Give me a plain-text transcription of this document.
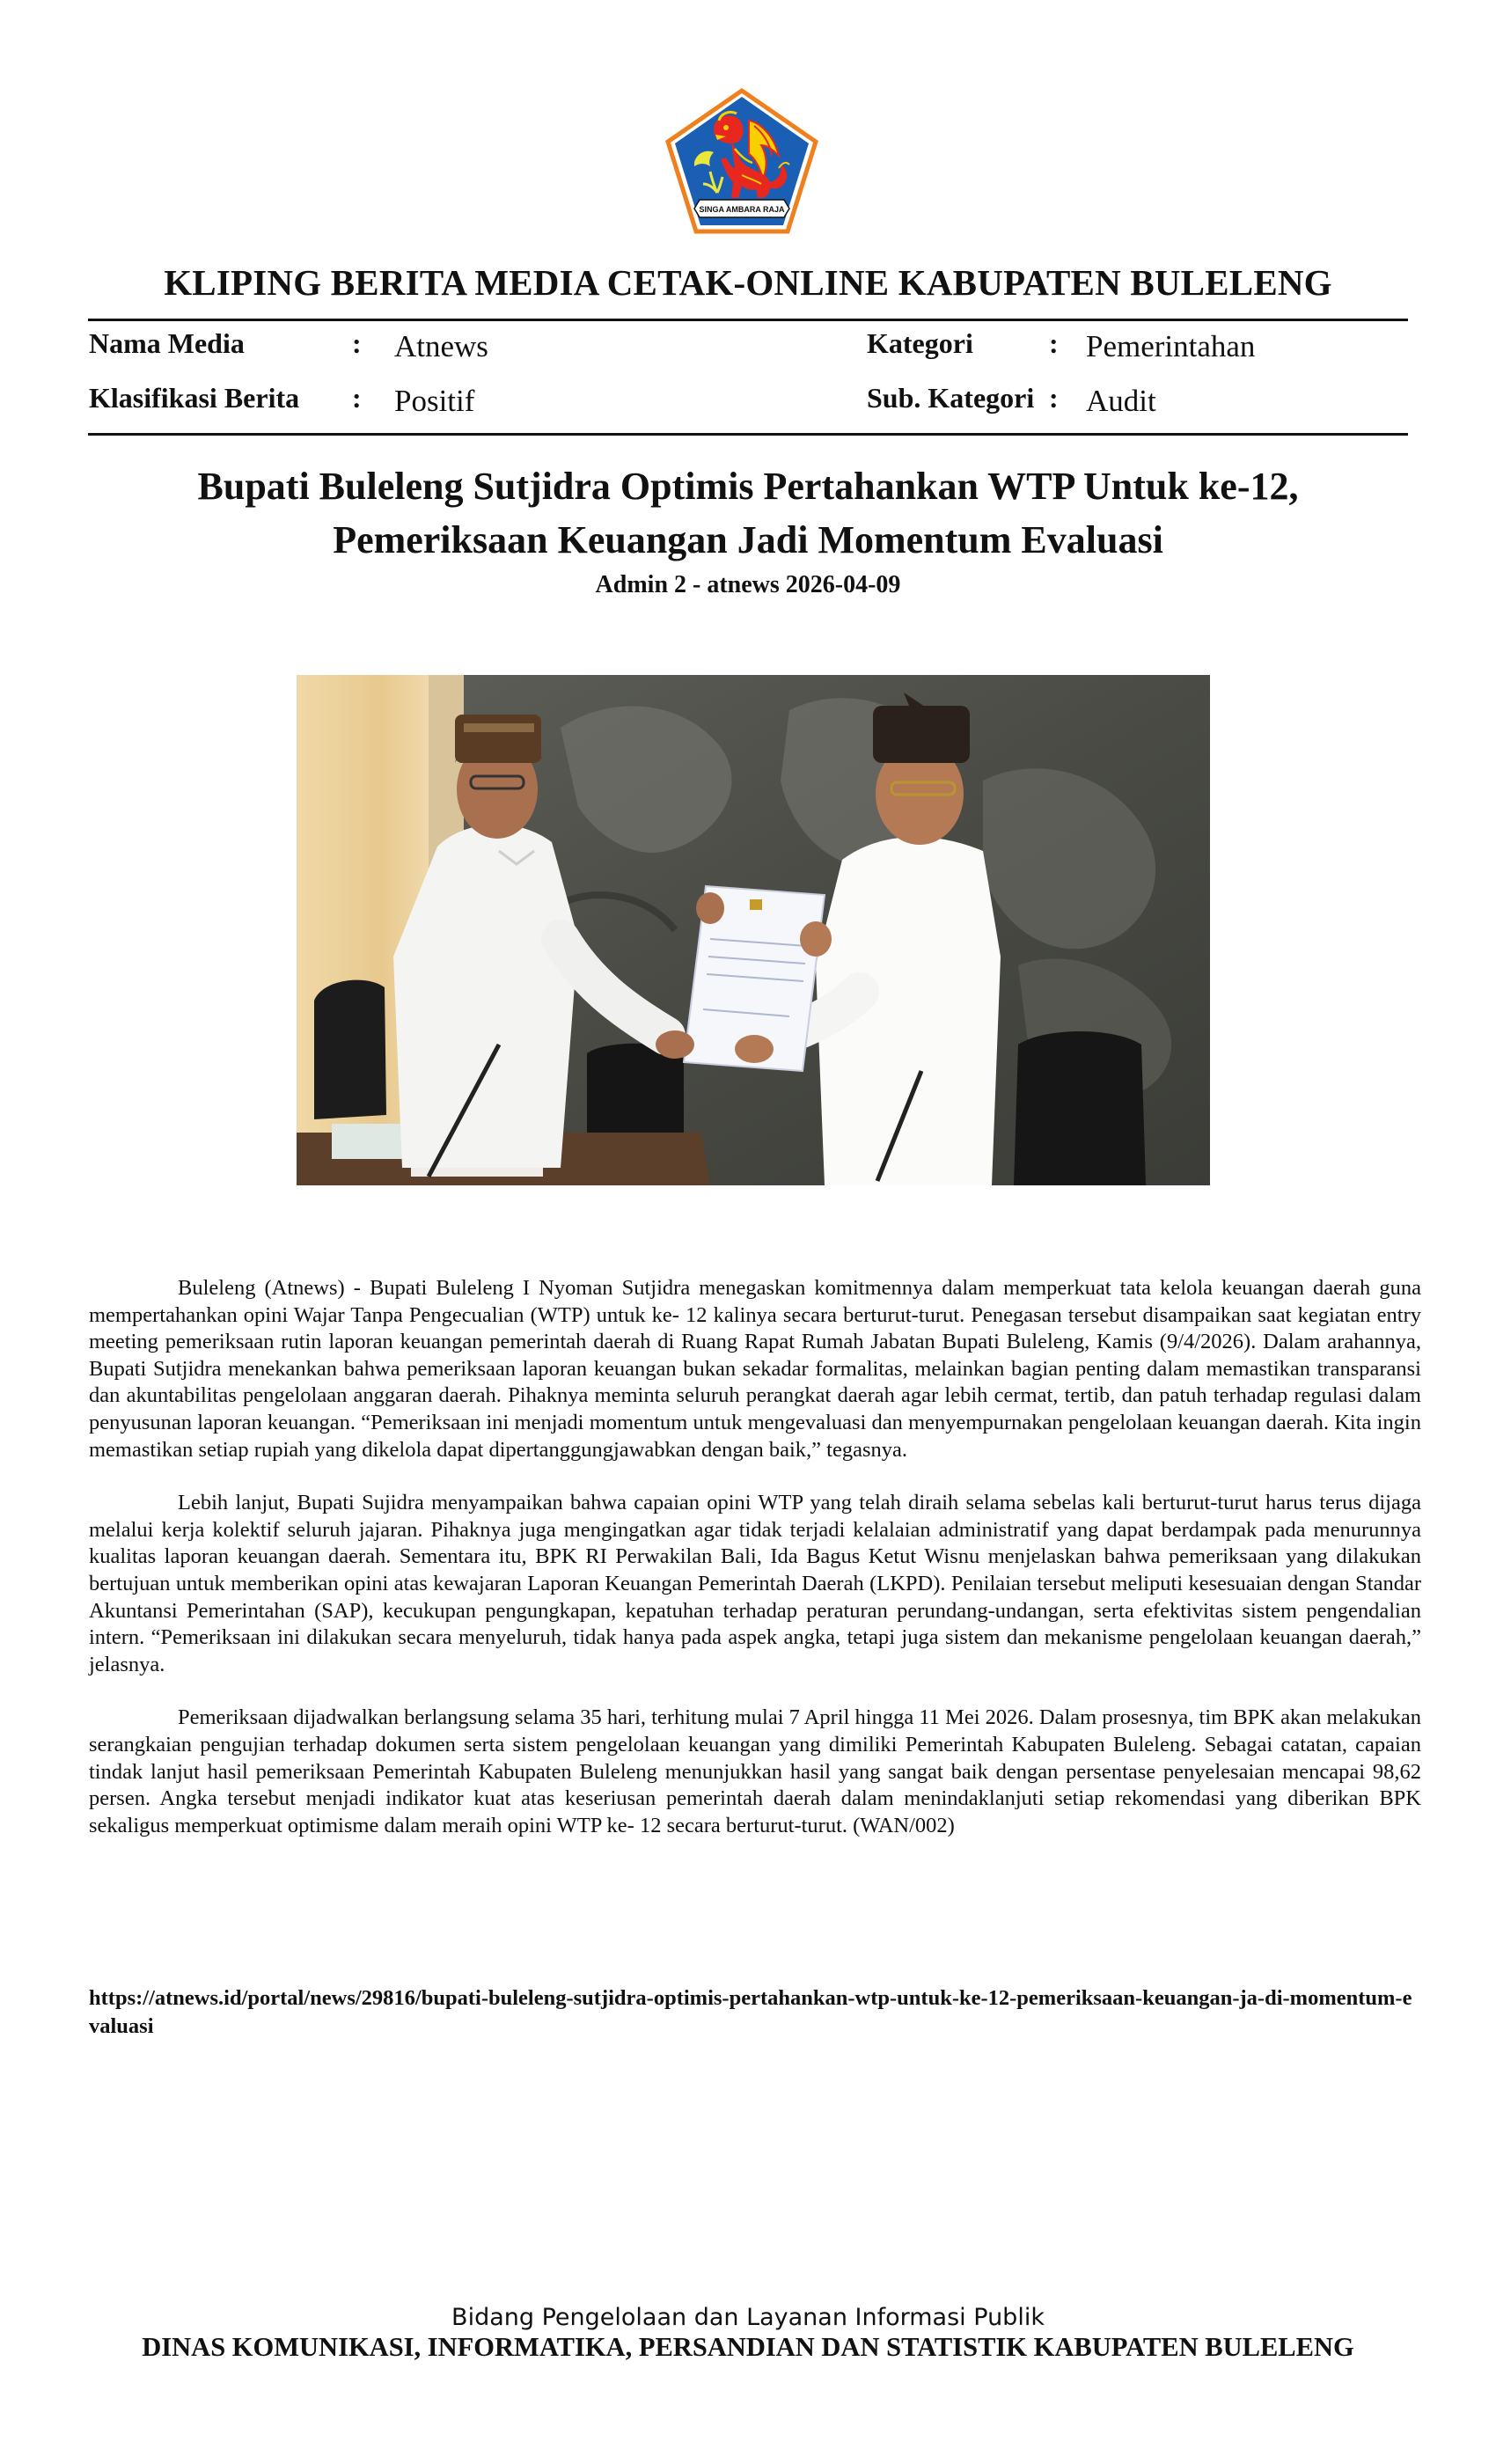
SINGA AMBARA RAJA
KLIPING BERITA MEDIA CETAK-ONLINE KABUPATEN BULELENG
Nama Media	: Atnews
Klasifikasi Berita : Positif
Kategori	: Pemerintahan
Sub. Kategori : Audit
Bupati Buleleng Sutjidra Optimis Pertahankan WTP Untuk ke-12,
Pemeriksaan Keuangan Jadi Momentum Evaluasi
Admin 2 - atnews 2026-04-09

Buleleng (Atnews) - Bupati Buleleng I Nyoman Sutjidra menegaskan komitmennya dalam memperkuat tata kelola keuangan daerah guna mempertahankan opini Wajar Tanpa Pengecualian (WTP) untuk ke- 12 kalinya secara berturut-turut. Penegasan tersebut disampaikan saat kegiatan entry meeting pemeriksaan rutin laporan keuangan pemerintah daerah di Ruang Rapat Rumah Jabatan Bupati Buleleng, Kamis (9/4/2026). Dalam arahannya, Bupati Sutjidra menekankan bahwa pemeriksaan laporan keuangan bukan sekadar formalitas, melainkan bagian penting dalam memastikan transparansi dan akuntabilitas pengelolaan anggaran daerah. Pihaknya meminta seluruh perangkat daerah agar lebih cermat, tertib, dan patuh terhadap regulasi dalam penyusunan laporan keuangan. “Pemeriksaan ini menjadi momentum untuk mengevaluasi dan menyempurnakan pengelolaan keuangan daerah. Kita ingin memastikan setiap rupiah yang dikelola dapat dipertanggungjawabkan dengan baik,” tegasnya.

Lebih lanjut, Bupati Sujidra menyampaikan bahwa capaian opini WTP yang telah diraih selama sebelas kali berturut-turut harus terus dijaga melalui kerja kolektif seluruh jajaran. Pihaknya juga mengingatkan agar tidak terjadi kelalaian administratif yang dapat berdampak pada menurunnya kualitas laporan keuangan daerah. Sementara itu, BPK RI Perwakilan Bali, Ida Bagus Ketut Wisnu menjelaskan bahwa pemeriksaan yang dilakukan bertujuan untuk memberikan opini atas kewajaran Laporan Keuangan Pemerintah Daerah (LKPD). Penilaian tersebut meliputi kesesuaian dengan Standar Akuntansi Pemerintahan (SAP), kecukupan pengungkapan, kepatuhan terhadap peraturan perundang-undangan, serta efektivitas sistem pengendalian intern. “Pemeriksaan ini dilakukan secara menyeluruh, tidak hanya pada aspek angka, tetapi juga sistem dan mekanisme pengelolaan keuangan daerah,” jelasnya.

Pemeriksaan dijadwalkan berlangsung selama 35 hari, terhitung mulai 7 April hingga 11 Mei 2026. Dalam prosesnya, tim BPK akan melakukan serangkaian pengujian terhadap dokumen serta sistem pengelolaan keuangan yang dimiliki Pemerintah Kabupaten Buleleng. Sebagai catatan, capaian tindak lanjut hasil pemeriksaan Pemerintah Kabupaten Buleleng menunjukkan hasil yang sangat baik dengan persentase penyelesaian mencapai 98,62 persen. Angka tersebut menjadi indikator kuat atas keseriusan pemerintah daerah dalam menindaklanjuti setiap rekomendasi yang diberikan BPK sekaligus memperkuat optimisme dalam meraih opini WTP ke- 12 secara berturut-turut. (WAN/002)

https://atnews.id/portal/news/29816/bupati-buleleng-sutjidra-optimis-pertahankan-wtp-untuk-ke-12-pemeriksaan-keuangan-ja-di-momentum-evaluasi
Bidang Pengelolaan dan Layanan Informasi Publik
DINAS KOMUNIKASI, INFORMATIKA, PERSANDIAN DAN STATISTIK KABUPATEN BULELENG
